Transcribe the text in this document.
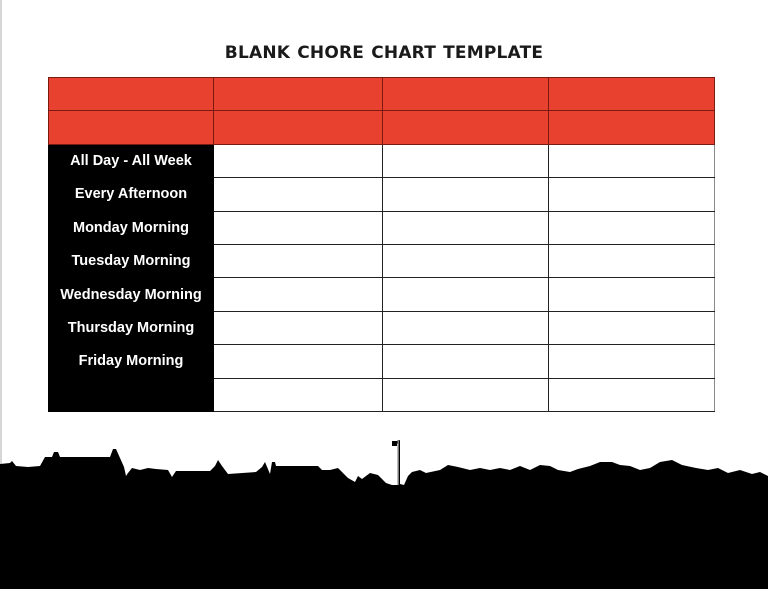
BLANK CHORE CHART TEMPLATE

All Day - All Week			
Every Afternoon			
Monday Morning			
Tuesday Morning			
Wednesday Morning			
Thursday Morning			
Friday Morning			
